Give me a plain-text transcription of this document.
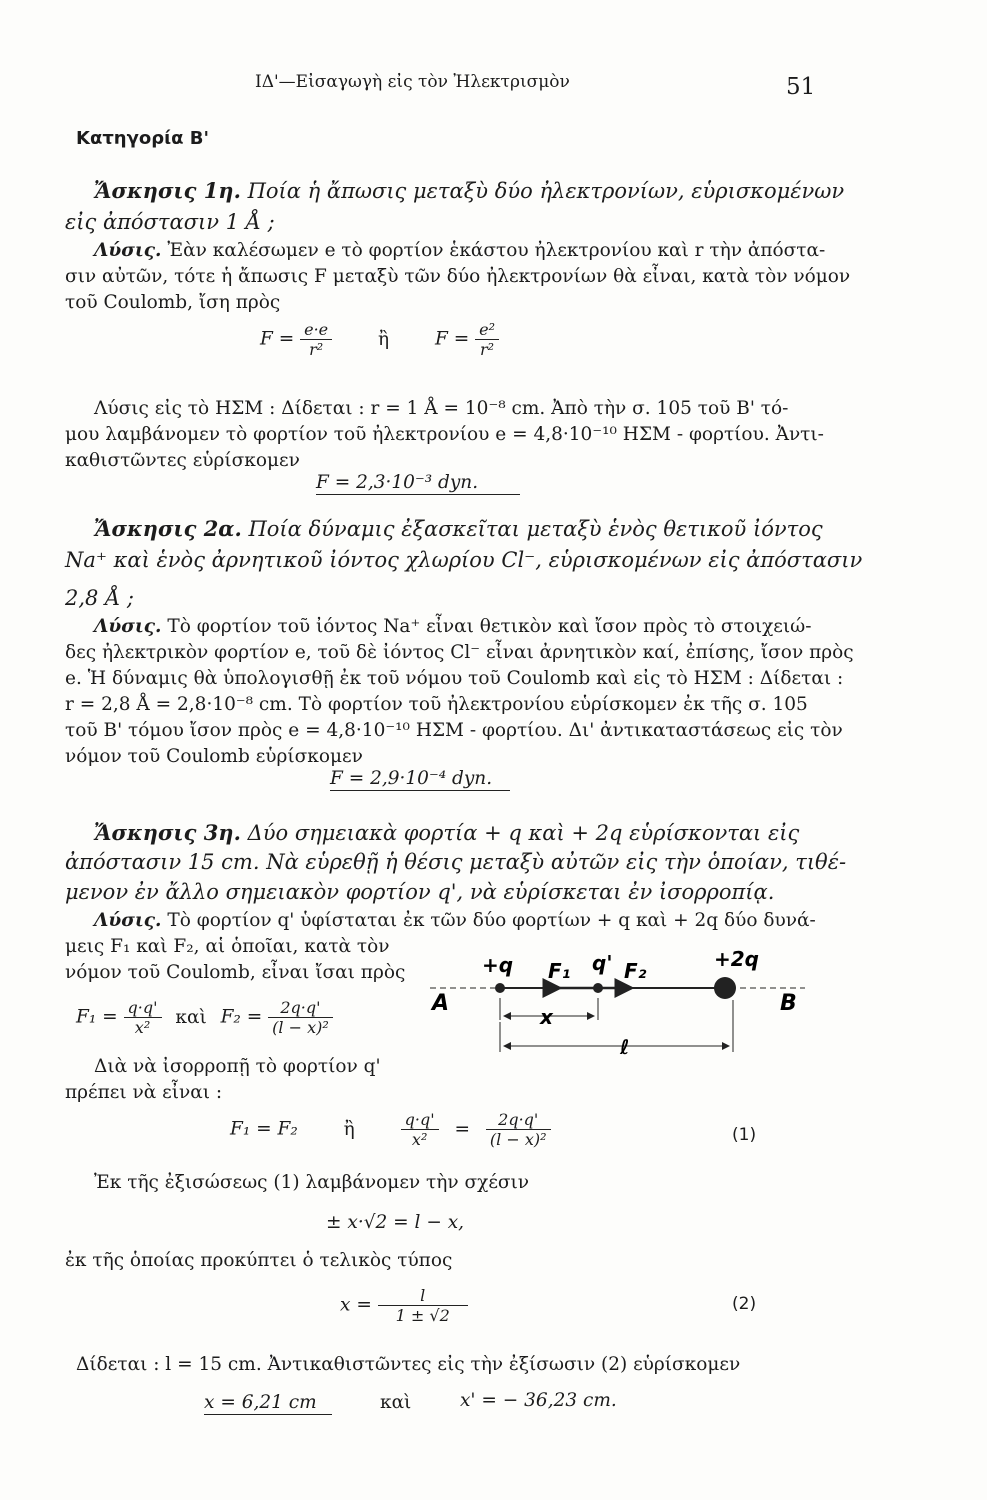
ΙΔ'—Εἰσαγωγὴ εἰς τὸν Ἠλεκτρισμὸν	51
Κατηγορία Β'
Ἄσκησις 1η. Ποία ἡ ἄπωσις μεταξὺ δύο ἠλεκτρονίων, εὑρισκομένων
εἰς ἀπόστασιν 1 Å ;
Λύσις. Ἐὰν καλέσωμεν e τὸ φορτίον ἑκάστου ἠλεκτρονίου καὶ r τὴν ἀπόστα-
σιν αὐτῶν, τότε ἡ ἄπωσις F μεταξὺ τῶν δύο ἠλεκτρονίων θὰ εἶναι, κατὰ τὸν νόμον
τοῦ Coulomb, ἴση πρὸς
$F = \frac{e\cdot e}{\text{r²}}$ ἢ $F = \frac{\text{e²}}{\text{r²}}$
Λύσις εἰς τὸ ΗΣΜ : Δίδεται : r = 1 Å = 10⁻⁸ cm. Ἀπὸ τὴν σ. 105 τοῦ Β' τό-
μου λαμβάνομεν τὸ φορτίον τοῦ ἠλεκτρονίου e = 4,8·10⁻¹⁰ ΗΣΜ - φορτίου. Ἀντι-
καθιστῶντες εὑρίσκομεν
F = 2,3·10⁻³ dyn.
Ἄσκησις 2α. Ποία δύναμις ἐξασκεῖται μεταξὺ ἑνὸς θετικοῦ ἰόντος
Na⁺ καὶ ἑνὸς ἀρνητικοῦ ἰόντος χλωρίου Cl⁻, εὑρισκομένων εἰς ἀπόστασιν
2,8 Å ;
Λύσις. Τὸ φορτίον τοῦ ἰόντος Na⁺ εἶναι θετικὸν καὶ ἴσον πρὸς τὸ στοιχειώ-
δες ἠλεκτρικὸν φορτίον e, τοῦ δὲ ἰόντος Cl⁻ εἶναι ἀρνητικὸν καί, ἐπίσης, ἴσον πρὸς
e. Ἡ δύναμις θὰ ὑπολογισθῇ ἐκ τοῦ νόμου τοῦ Coulomb καὶ εἰς τὸ ΗΣΜ : Δίδεται :
r = 2,8 Å = 2,8·10⁻⁸ cm. Τὸ φορτίον τοῦ ἠλεκτρονίου εὑρίσκομεν ἐκ τῆς σ. 105
τοῦ Β' τόμου ἴσον πρὸς e = 4,8·10⁻¹⁰ ΗΣΜ - φορτίου. Δι' ἀντικαταστάσεως εἰς τὸν
νόμον τοῦ Coulomb εὑρίσκομεν
F = 2,9·10⁻⁴ dyn.
Ἄσκησις 3η. Δύο σημειακὰ φορτία + q καὶ + 2q εὑρίσκονται εἰς
ἀπόστασιν 15 cm. Νὰ εὑρεθῇ ἡ θέσις μεταξὺ αὐτῶν εἰς τὴν ὁποίαν, τιθέ-
μενον ἐν ἄλλο σημειακὸν φορτίον q', νὰ εὑρίσκεται ἐν ἰσορροπίᾳ.
Λύσις. Τὸ φορτίον q' ὑφίσταται ἐκ τῶν δύο φορτίων + q καὶ + 2q δύο δυνά-
μεις F₁ καὶ F₂, αἱ ὁποῖαι, κατὰ τὸν
νόμον τοῦ Coulomb, εἶναι ἴσαι πρὸς
$F_1 = \frac{q\cdot q'}{\text{x²}}$ καὶ $F_2 = \frac{2q\cdot q'}{\text{(l − x)²}}$
Διὰ νὰ ἰσορροπῇ τὸ φορτίον q'
πρέπει νὰ εἶναι :
F₁ = F₂ ἢ	$\frac{q\cdot q'}{\text{x²}} = \frac{2q\cdot q'}{\text{(l − x)²}}$	(1)
Ἐκ τῆς ἐξισώσεως (1) λαμβάνομεν τὴν σχέσιν
± x·√2 = l − x,
ἐκ τῆς ὁποίας προκύπτει ὁ τελικὸς τύπος
$x = \frac{l}{1 \pm √2}$	(2)
Δίδεται : l = 15 cm. Ἀντικαθιστῶντες εἰς τὴν ἐξίσωσιν (2) εὑρίσκομεν
x = 6,21 cm	καὶ	x' = − 36,23 cm.
+q F₁ q' F₂	+2q
A	B
x
ℓ
